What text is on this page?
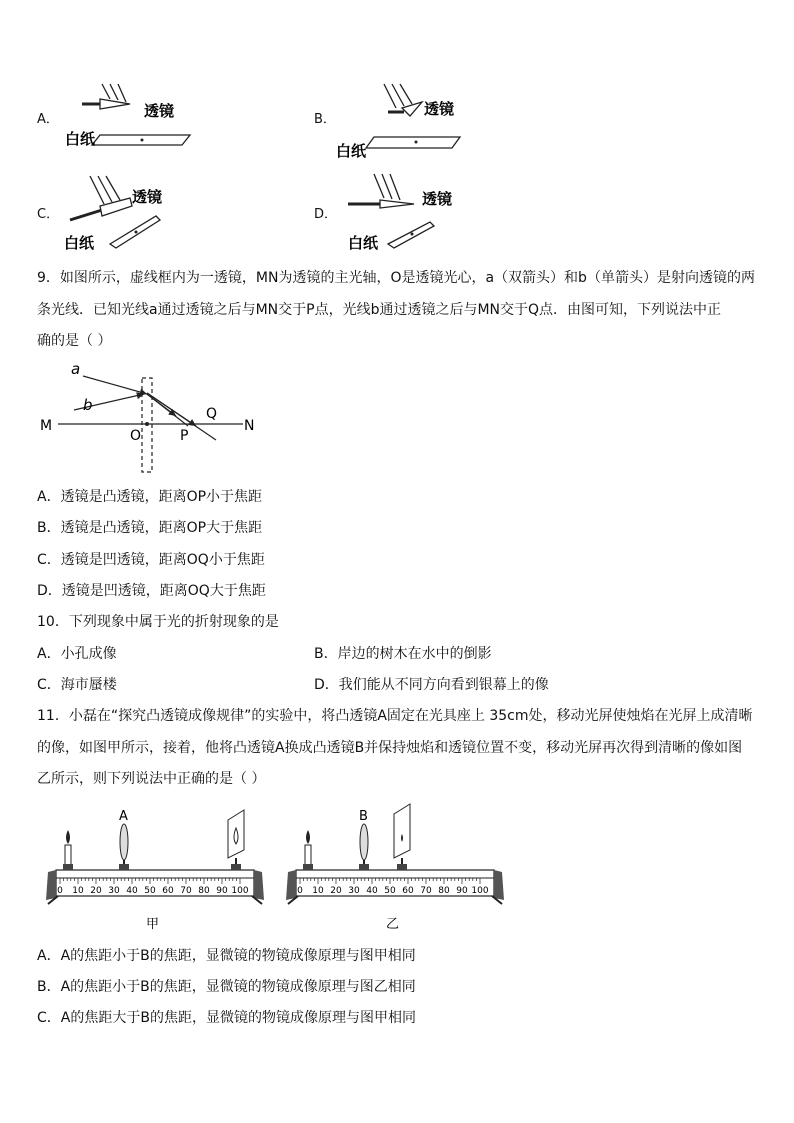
A．	透镜
白纸
B．
透镜
白纸
C．
透镜
白纸
D．
透镜
白纸
9．如图所示，虚线框内为一透镜，MN为透镜的主光轴，O是透镜光心，a（双箭头）和b（单箭头）是射向透镜的两
条光线．已知光线a通过透镜之后与MN交于P点，光线b通过透镜之后与MN交于Q点．由图可知，下列说法中正
确的是（ ）
a
b
M	N
O	P
Q
A．透镜是凸透镜，距离OP小于焦距
B．透镜是凸透镜，距离OP大于焦距
C．透镜是凹透镜，距离OQ小于焦距
D．透镜是凹透镜，距离OQ大于焦距
10．下列现象中属于光的折射现象的是
A．小孔成像	B．岸边的树木在水中的倒影
C．海市蜃楼	D．我们能从不同方向看到银幕上的像
11．小磊在“探究凸透镜成像规律”的实验中，将凸透镜A固定在光具座上 35cm处，移动光屏使烛焰在光屏上成清晰
的像，如图甲所示，接着，他将凸透镜A换成凸透镜B并保持烛焰和透镜位置不变，移动光屏再次得到清晰的像如图
乙所示，则下列说法中正确的是（ ）
0 10 20 30 40 50 60 70 80 90 100
A
甲
0 10 20 30 40 50 60 70 80 90 100
B
乙
A．A的焦距小于B的焦距，显微镜的物镜成像原理与图甲相同
B．A的焦距小于B的焦距，显微镜的物镜成像原理与图乙相同
C．A的焦距大于B的焦距，显微镜的物镜成像原理与图甲相同
